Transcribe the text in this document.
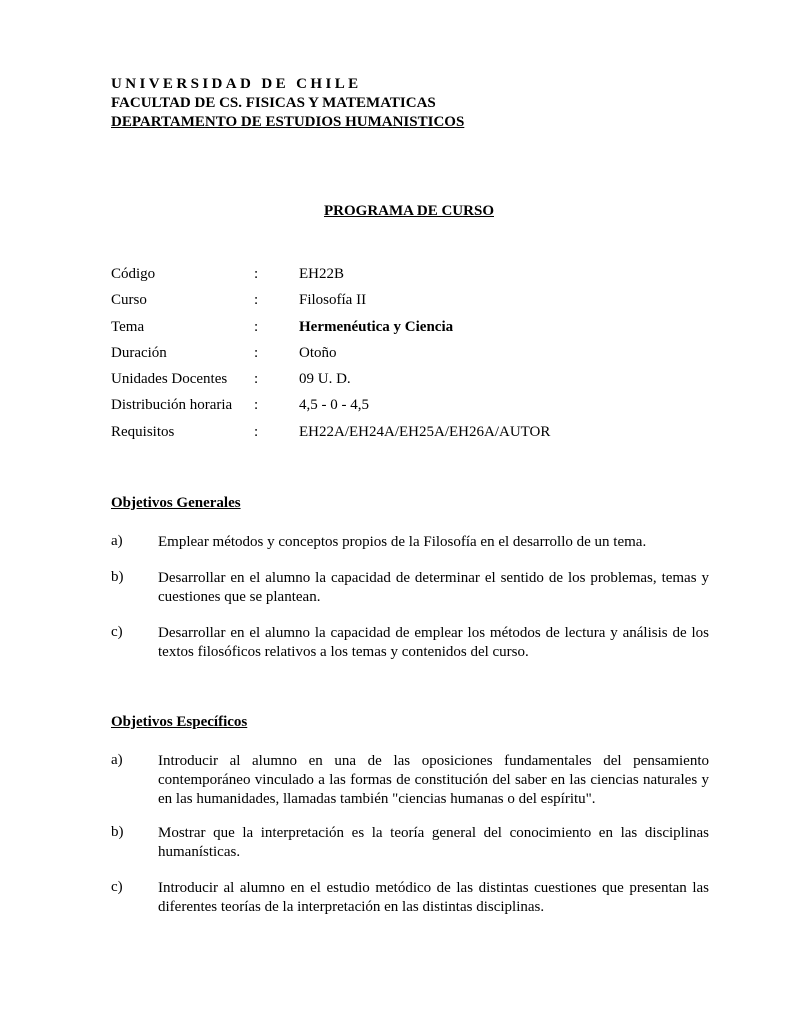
UNIVERSIDAD DE CHILE
FACULTAD DE CS. FISICAS Y MATEMATICAS
DEPARTAMENTO DE ESTUDIOS HUMANISTICOS
PROGRAMA DE CURSO
Código	:	EH22B
Curso	:	Filosofía II
Tema	:	Hermenéutica y Ciencia
Duración	:	Otoño
Unidades Docentes :	09 U. D.
Distribución horaria :	4,5 - 0 - 4,5
Requisitos	:	EH22A/EH24A/EH25A/EH26A/AUTOR
Objetivos Generales
a) Emplear métodos y conceptos propios de la Filosofía en el desarrollo de un tema.
b) Desarrollar en el alumno la capacidad de determinar el sentido de los problemas, temas y cuestiones que se plantean.
c) Desarrollar en el alumno la capacidad de emplear los métodos de lectura y análisis de los textos filosóficos relativos a los temas y contenidos del curso.
Objetivos Específicos
a) Introducir al alumno en una de las oposiciones fundamentales del pensamiento contemporáneo vinculado a las formas de constitución del saber en las ciencias naturales y en las humanidades, llamadas también "ciencias humanas o del espíritu".
b) Mostrar que la interpretación es la teoría general del conocimiento en las disciplinas humanísticas.
c) Introducir al alumno en el estudio metódico de las distintas cuestiones que presentan las diferentes teorías de la interpretación en las distintas disciplinas.
